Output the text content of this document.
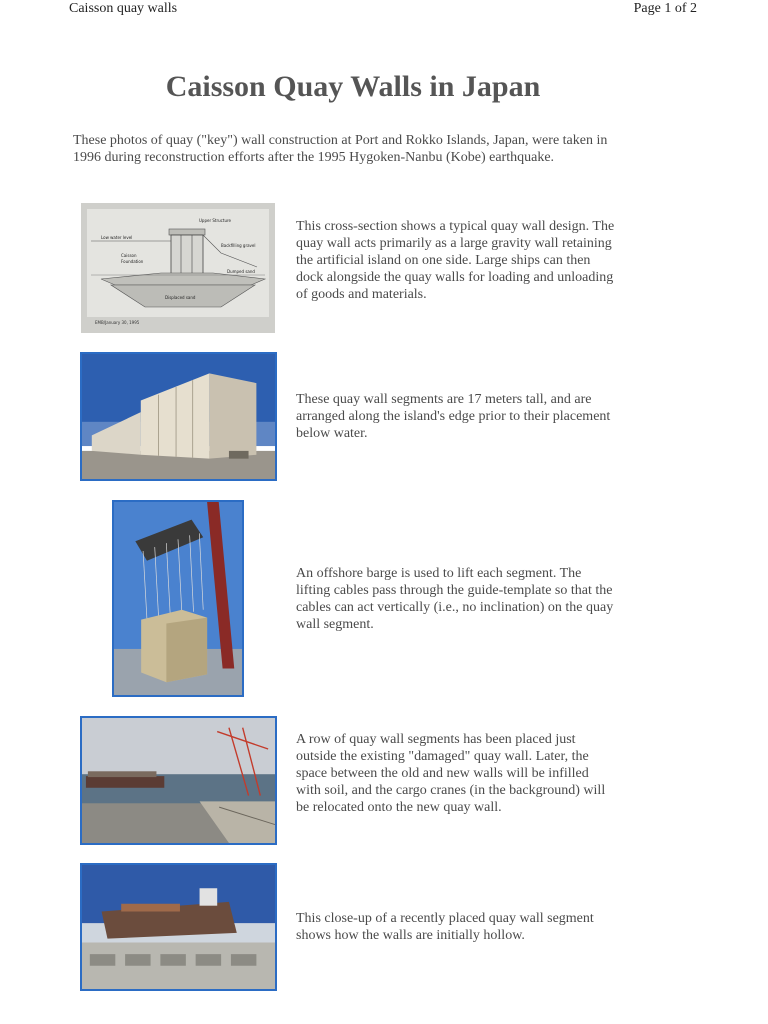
Caisson quay walls	Page 1 of 2
Caisson Quay Walls in Japan
These photos of quay ("key") wall construction at Port and Rokko Islands, Japan, were taken in 1996 during reconstruction efforts after the 1995 Hygoken-Nanbu (Kobe) earthquake.
Upper Structure
Low water level
Backfilling gravel
Caisson
Foundation
Dumped sand
Displaced sand
EMB/January 30, 1995
This cross-section shows a typical quay wall design. The quay wall acts primarily as a large gravity wall retaining the artificial island on one side. Large ships can then dock alongside the quay walls for loading and unloading of goods and materials.
These quay wall segments are 17 meters tall, and are arranged along the island's edge prior to their placement below water.
An offshore barge is used to lift each segment. The lifting cables pass through the guide-template so that the cables can act vertically (i.e., no inclination) on the quay wall segment.
A row of quay wall segments has been placed just outside the existing "damaged" quay wall. Later, the space between the old and new walls will be infilled with soil, and the cargo cranes (in the background) will be relocated onto the new quay wall.
This close-up of a recently placed quay wall segment shows how the walls are initially hollow.
